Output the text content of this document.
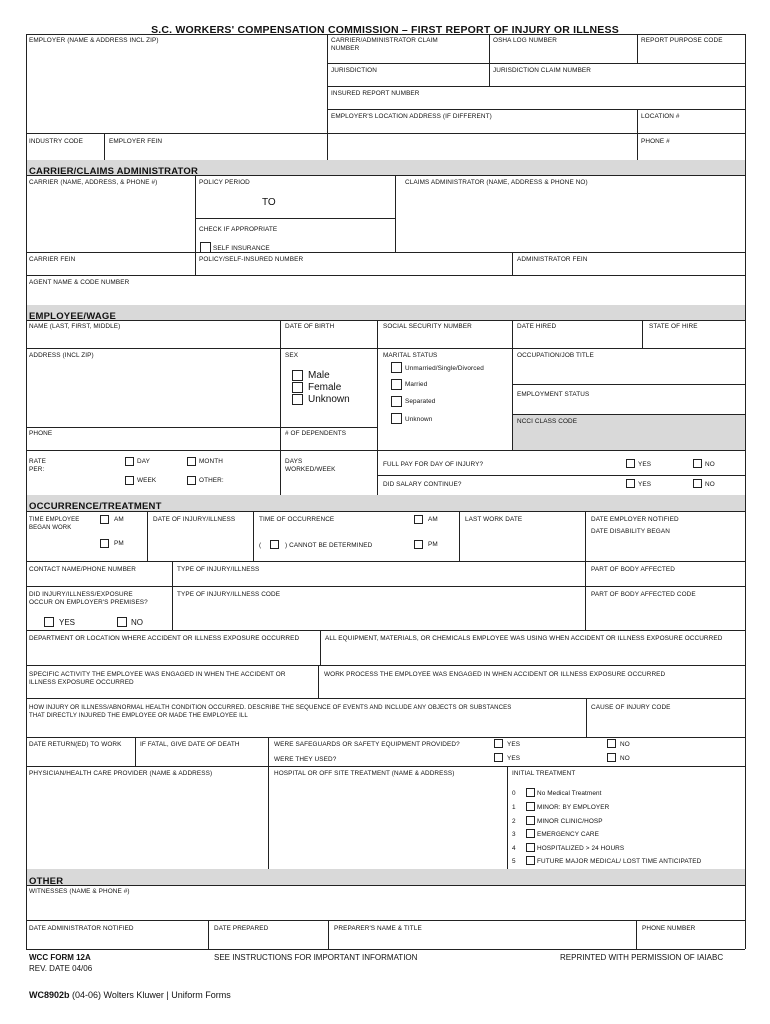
S.C. WORKERS' COMPENSATION COMMISSION – FIRST REPORT OF INJURY OR ILLNESS
EMPLOYER (NAME & ADDRESS INCL ZIP)	CARRIER/ADMINISTRATOR CLAIM
NUMBER
OSHA LOG NUMBER	REPORT PURPOSE CODE
JURISDICTION	JURISDICTION CLAIM NUMBER
INSURED REPORT NUMBER
EMPLOYER'S LOCATION ADDRESS (IF DIFFERENT)	LOCATION #
INDUSTRY CODE	EMPLOYER FEIN	PHONE #
CARRIER/CLAIMS ADMINISTRATOR
CARRIER (NAME, ADDRESS, & PHONE #)	POLICY PERIOD
TO
CLAIMS ADMINISTRATOR (NAME, ADDRESS & PHONE NO)
CHECK IF APPROPRIATE
SELF INSURANCE
CARRIER FEIN	POLICY/SELF-INSURED NUMBER	ADMINISTRATOR FEIN
AGENT NAME & CODE NUMBER
EMPLOYEE/WAGE
NAME (LAST, FIRST, MIDDLE)	DATE OF BIRTH	SOCIAL SECURITY NUMBER	DATE HIRED	STATE OF HIRE
ADDRESS (INCL ZIP)	SEX
Male
Female
Unknown
MARITAL STATUS
Unmarried/Single/Divorced
Married
Separated
Unknown
OCCUPATION/JOB TITLE
EMPLOYMENT STATUS
NCCI CLASS CODE
PHONE	# OF DEPENDENTS
RATE
PER:
DAY	MONTH
WEEK	OTHER:
DAYS
WORKED/WEEK
FULL PAY FOR DAY OF INJURY?	YES	NO
DID SALARY CONTINUE?	YES	NO
OCCURRENCE/TREATMENT
TIME EMPLOYEE
BEGAN WORK
AM
PM
DATE OF INJURY/ILLNESS	TIME OF OCCURRENCE	AM
(	) CANNOT BE DETERMINED	PM
LAST WORK DATE	DATE EMPLOYER NOTIFIED
DATE DISABILITY BEGAN
CONTACT NAME/PHONE NUMBER	TYPE OF INJURY/ILLNESS	PART OF BODY AFFECTED
DID INJURY/ILLNESS/EXPOSURE
OCCUR ON EMPLOYER'S PREMISES?
YES	NO
TYPE OF INJURY/ILLNESS CODE	PART OF BODY AFFECTED CODE
DEPARTMENT OR LOCATION WHERE ACCIDENT OR ILLNESS EXPOSURE OCCURRED	ALL EQUIPMENT, MATERIALS, OR CHEMICALS EMPLOYEE WAS USING WHEN ACCIDENT OR ILLNESS EXPOSURE OCCURRED
SPECIFIC ACTIVITY THE EMPLOYEE WAS ENGAGED IN WHEN THE ACCIDENT OR
ILLNESS EXPOSURE OCCURRED
WORK PROCESS THE EMPLOYEE WAS ENGAGED IN WHEN ACCIDENT OR ILLNESS EXPOSURE OCCURRED
HOW INJURY OR ILLNESS/ABNORMAL HEALTH CONDITION OCCURRED. DESCRIBE THE SEQUENCE OF EVENTS AND INCLUDE ANY OBJECTS OR SUBSTANCES
THAT DIRECTLY INJURED THE EMPLOYEE OR MADE THE EMPLOYEE ILL
CAUSE OF INJURY CODE
DATE RETURN(ED) TO WORK	IF FATAL, GIVE DATE OF DEATH	WERE SAFEGUARDS OR SAFETY EQUIPMENT PROVIDED?	YES	NO
WERE THEY USED?	YES	NO
PHYSICIAN/HEALTH CARE PROVIDER (NAME & ADDRESS)	HOSPITAL OR OFF SITE TREATMENT (NAME & ADDRESS)	INITIAL TREATMENT
0	No Medical Treatment
1	MINOR: BY EMPLOYER
2	MINOR CLINIC/HOSP
3	EMERGENCY CARE
4	HOSPITALIZED > 24 HOURS
5	FUTURE MAJOR MEDICAL/ LOST TIME ANTICIPATED
OTHER
WITNESSES (NAME & PHONE #)
DATE ADMINISTRATOR NOTIFIED	DATE PREPARED	PREPARER'S NAME & TITLE	PHONE NUMBER
WCC FORM 12A
REV. DATE 04/06
SEE INSTRUCTIONS FOR IMPORTANT INFORMATION	REPRINTED WITH PERMISSION OF IAIABC
WC8902b (04-06) Wolters Kluwer | Uniform Forms
